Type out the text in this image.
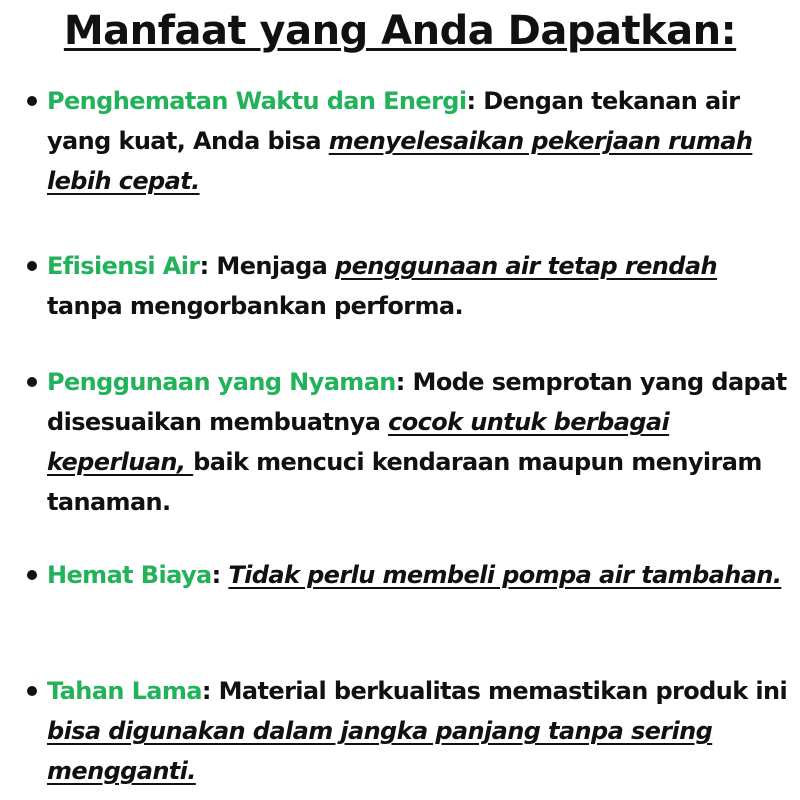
Manfaat yang Anda Dapatkan:
Penghematan Waktu dan Energi: Dengan tekanan air yang kuat, Anda bisa menyelesaikan pekerjaan rumah lebih cepat.
Efisiensi Air: Menjaga penggunaan air tetap rendah tanpa mengorbankan performa.
Penggunaan yang Nyaman: Mode semprotan yang dapat disesuaikan membuatnya cocok untuk berbagai keperluan, baik mencuci kendaraan maupun menyiram tanaman.
Hemat Biaya: Tidak perlu membeli pompa air tambahan.
Tahan Lama: Material berkualitas memastikan produk ini bisa digunakan dalam jangka panjang tanpa sering mengganti.
